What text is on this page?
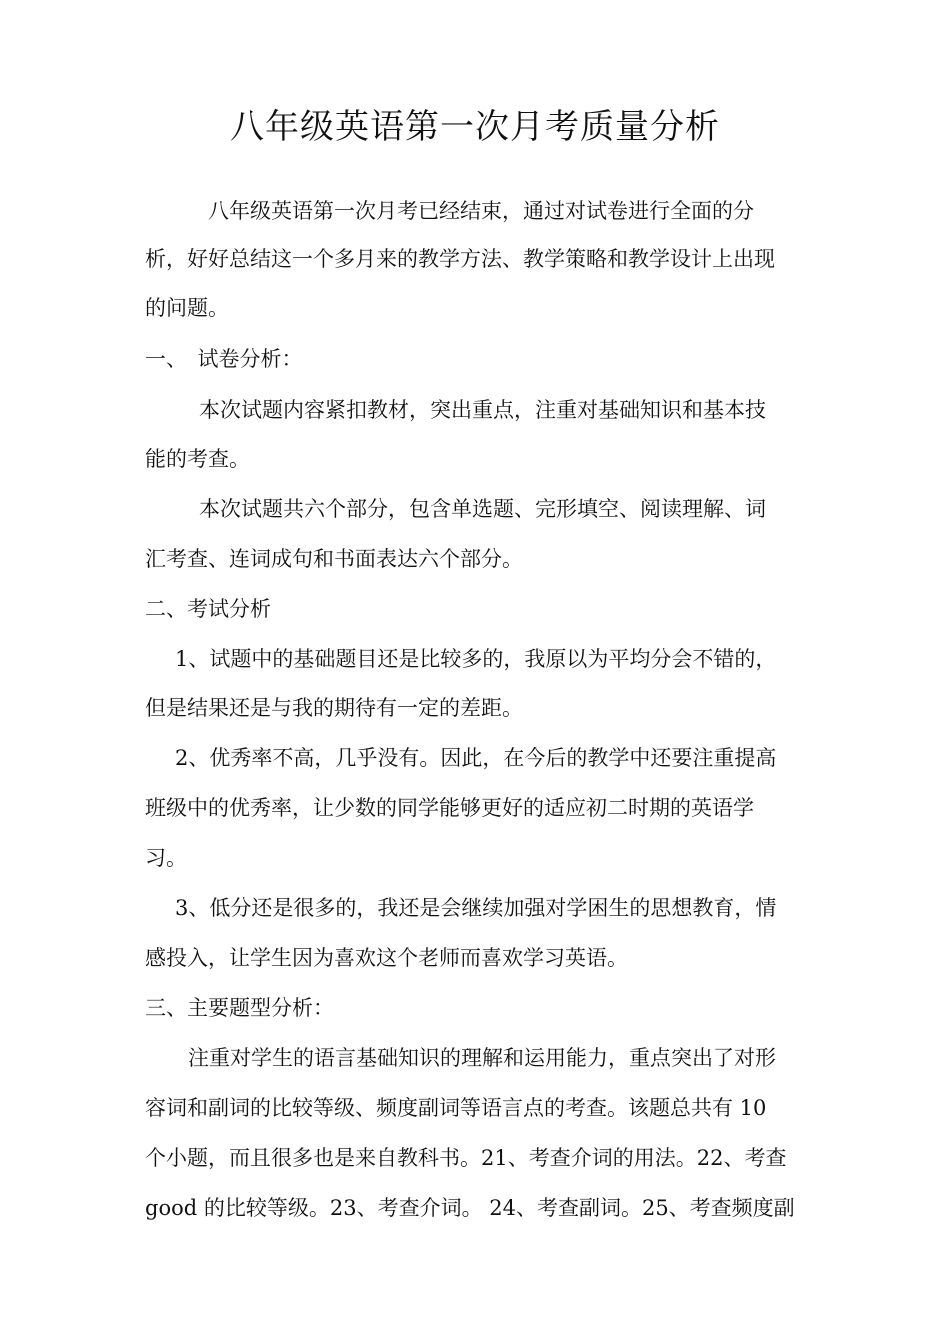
八年级英语第一次月考质量分析

八年级英语第一次月考已经结束，通过对试卷进行全面的分

析，好好总结这一个多月来的教学方法、教学策略和教学设计上出现

的问题。

一、　试卷分析：

本次试题内容紧扣教材，突出重点，注重对基础知识和基本技

能的考查。

本次试题共六个部分，包含单选题、完形填空、阅读理解、词

汇考查、连词成句和书面表达六个部分。

二、考试分析

1、试题中的基础题目还是比较多的，我原以为平均分会不错的，

但是结果还是与我的期待有一定的差距。

2、优秀率不高，几乎没有。因此，在今后的教学中还要注重提高

班级中的优秀率，让少数的同学能够更好的适应初二时期的英语学

习。

3、低分还是很多的，我还是会继续加强对学困生的思想教育，情

感投入，让学生因为喜欢这个老师而喜欢学习英语。

三、主要题型分析：

注重对学生的语言基础知识的理解和运用能力，重点突出了对形

容词和副词的比较等级、频度副词等语言点的考查。该题总共有 10

个小题，而且很多也是来自教科书。21、考查介词的用法。22、考查

good 的比较等级。23、考查介词。 24、考查副词。25、考查频度副
